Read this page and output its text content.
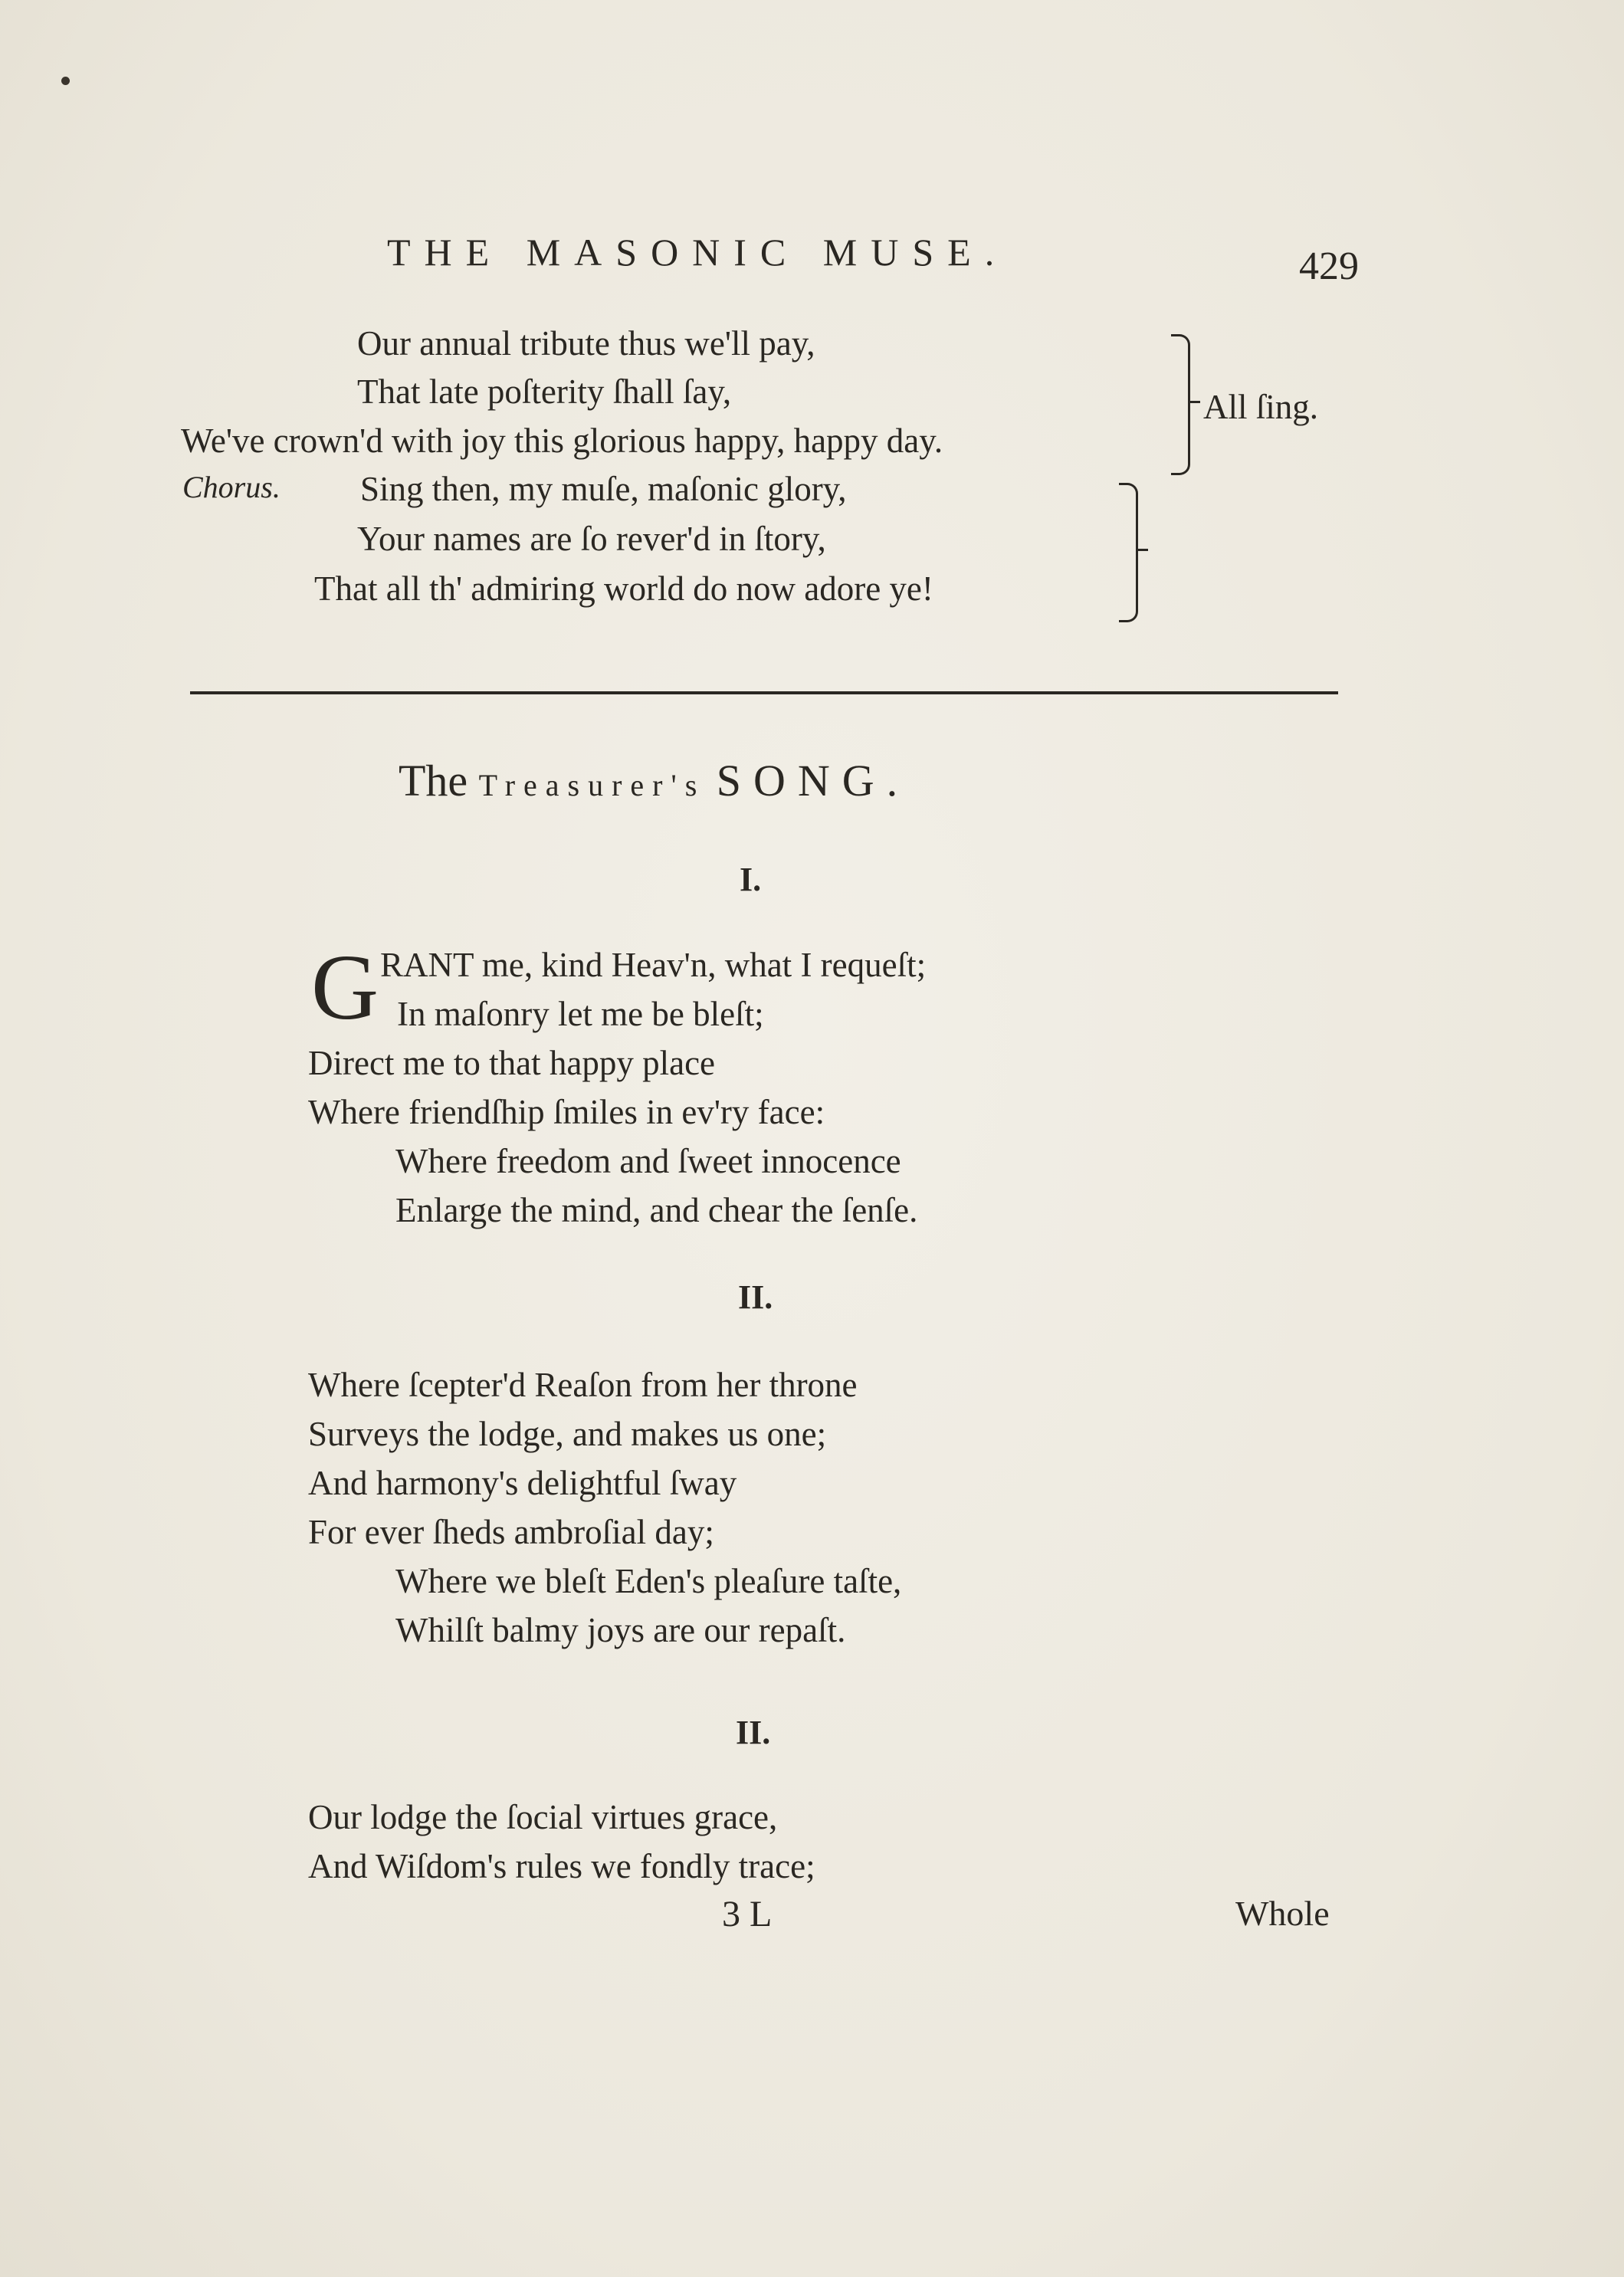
THE MASONIC MUSE.	429
Our annual tribute thus we'll pay,
That late poſterity ſhall ſay,
We've crown'd with joy this glorious happy, happy day.
All ſing.
Chorus. Sing then, my muſe, maſonic glory,
Your names are ſo rever'd in ſtory,
That all th' admiring world do now adore ye!
The Treasurer's SONG.
I.
G RANT me, kind Heav'n, what I requeſt;
In maſonry let me be bleſt;
Direct me to that happy place
Where friendſhip ſmiles in ev'ry face:
Where freedom and ſweet innocence
Enlarge the mind, and chear the ſenſe.
II.
Where ſcepter'd Reaſon from her throne
Surveys the lodge, and makes us one;
And harmony's delightful ſway
For ever ſheds ambroſial day;
Where we bleſt Eden's pleaſure taſte,
Whilſt balmy joys are our repaſt.
II.
Our lodge the ſocial virtues grace,
And Wiſdom's rules we fondly trace;
3 L	Whole
